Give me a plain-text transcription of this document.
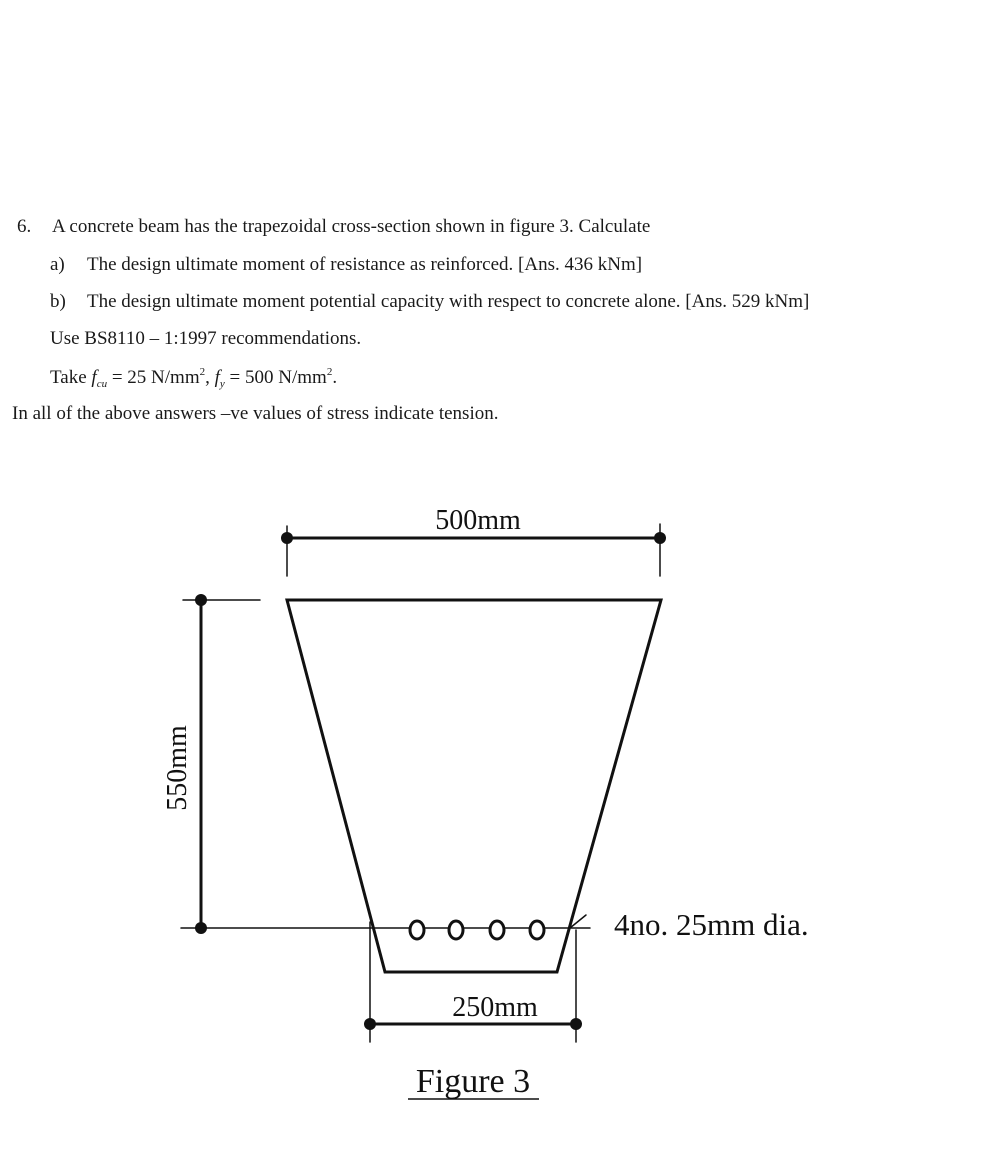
6. A concrete beam has the trapezoidal cross-section shown in figure 3. Calculate
a) The design ultimate moment of resistance as reinforced. [Ans. 436 kNm]
b) The design ultimate moment potential capacity with respect to concrete alone. [Ans. 529 kNm]
Use BS8110 – 1:1997 recommendations.
Take $f_{cu} = 25$ $N/mm^2$, $f_y = 500$ $N/mm^2$.
In all of the above answers –ve values of stress indicate tension.
500mm
550mm
250mm
4no. 25mm dia.
Figure 3
